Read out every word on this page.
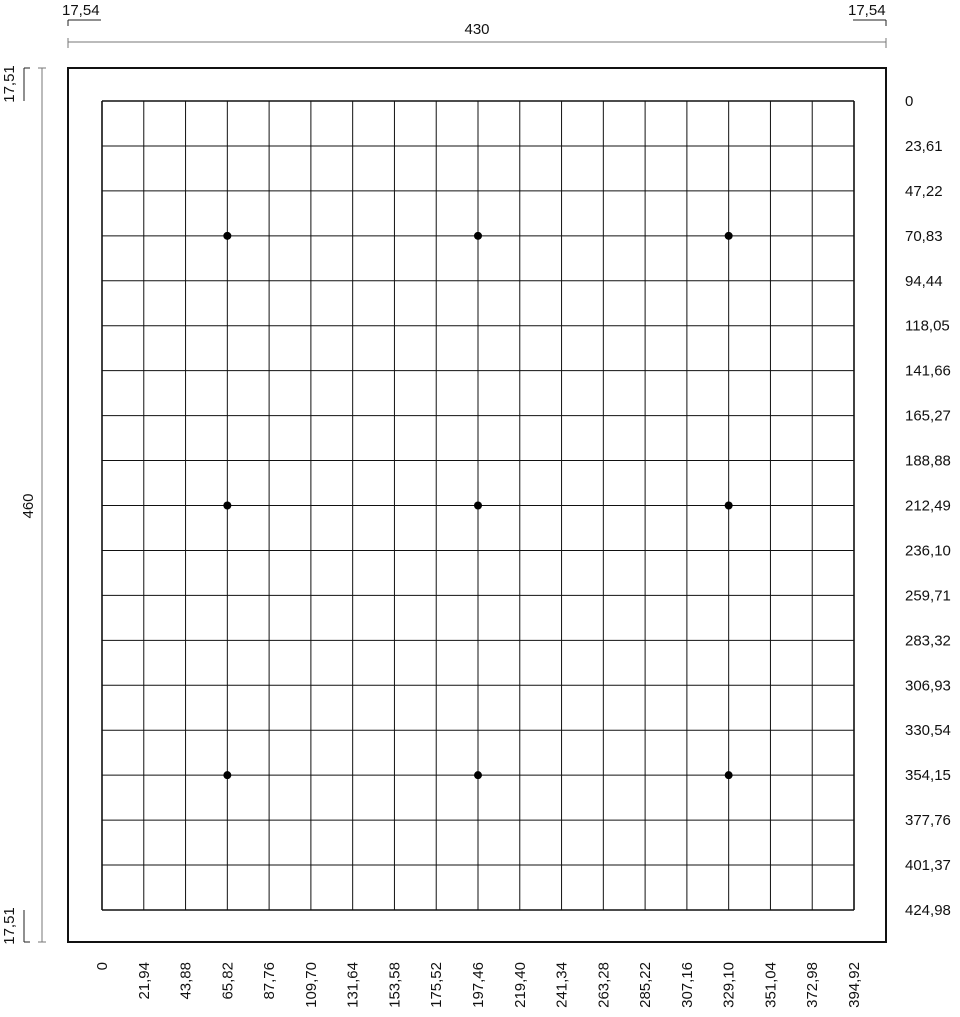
430
17,54	17,54
460
17,51
17,51
0
23,61
47,22
70,83
94,44
118,05
141,66
165,27
188,88
212,49
236,10
259,71
283,32
306,93
330,54
354,15
377,76
401,37
424,98
0 21,94 43,88 65,82 87,76 109,70 131,64 153,58 175,52 197,46 219,40 241,34 263,28 285,22 307,16 329,10 351,04 372,98 394,92
